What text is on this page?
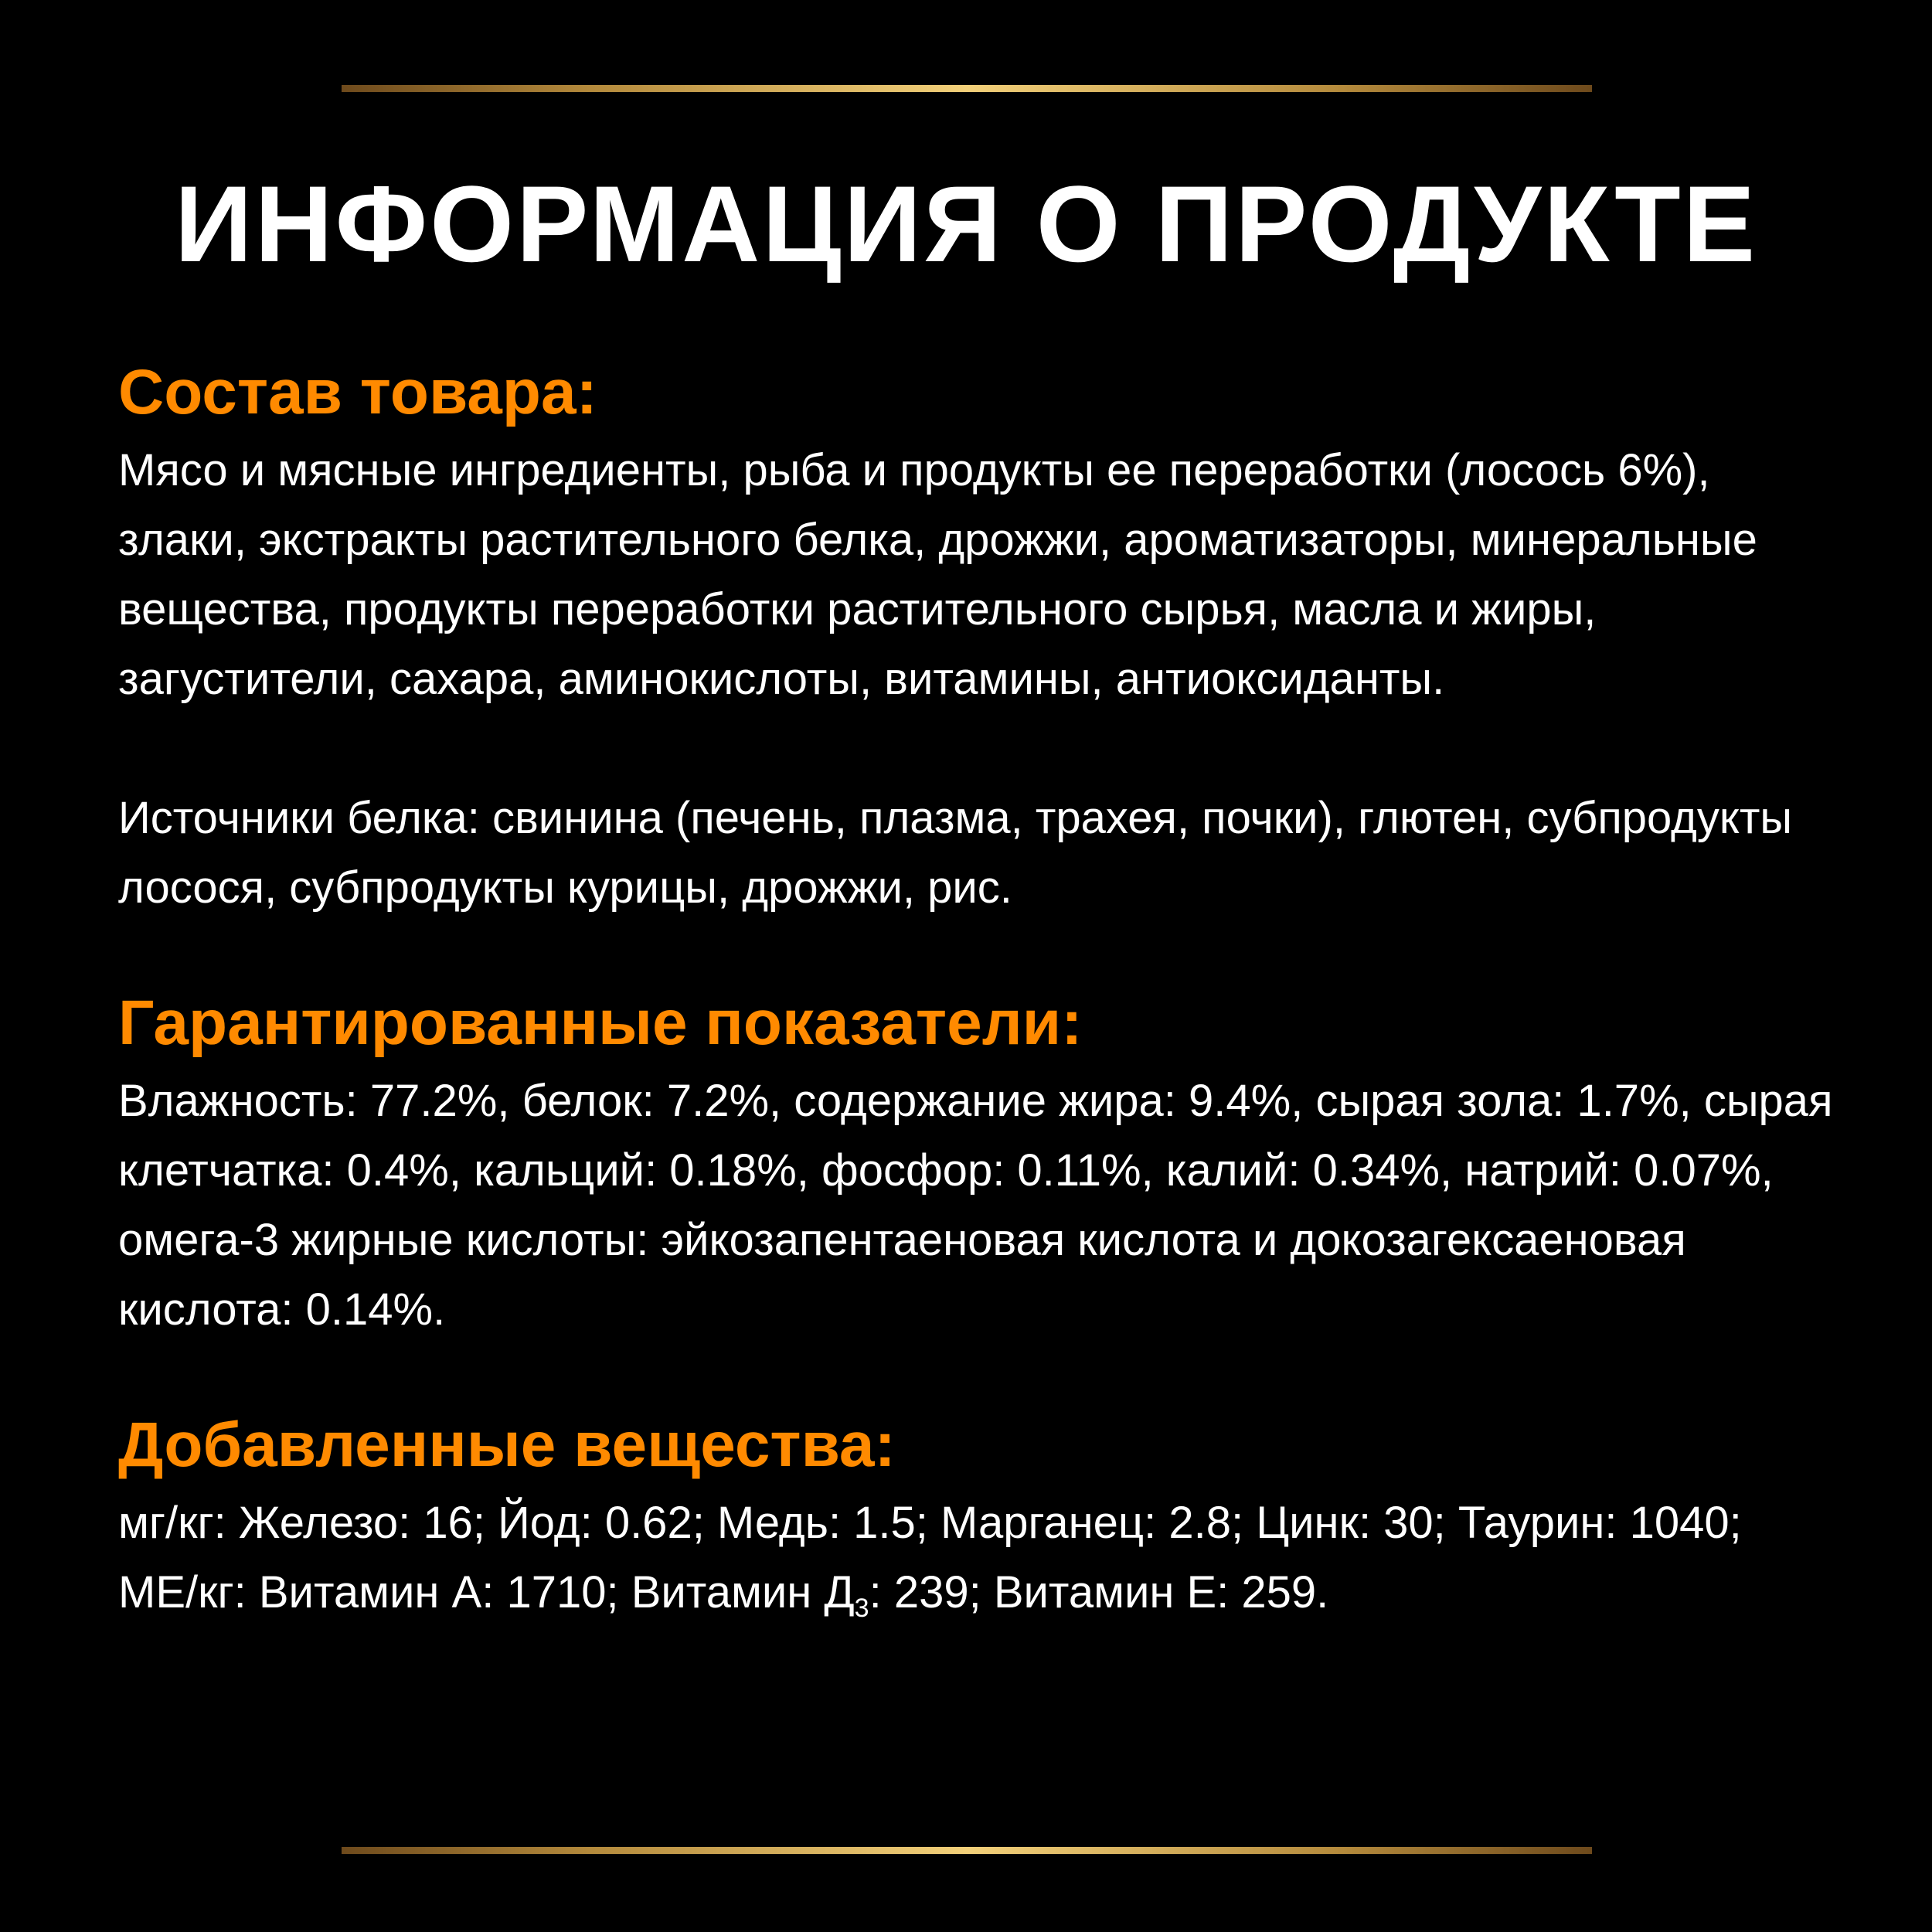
ИНФОРМАЦИЯ О ПРОДУКТЕ
Состав товара:

Мясо и мясные ингредиенты, рыба и продукты ее переработки (лосось 6%), злаки, экстракты растительного белка, дрожжи, ароматизаторы, минеральные вещества, продукты переработки растительного сырья, масла и жиры, загустители, сахара, аминокислоты, витамины, антиоксиданты.

Источники белка: свинина (печень, плазма, трахея, почки), глютен, субпродукты лосося, субпродукты курицы, дрожжи, рис.

Гарантированные показатели:

Влажность: 77.2%, белок: 7.2%, содержание жира: 9.4%, сырая зола: 1.7%, сырая клетчатка: 0.4%, кальций: 0.18%, фосфор: 0.11%, калий: 0.34%, натрий: 0.07%, омега-3 жирные кислоты: эйкозапентаеновая кислота и докозагексаеновая кислота: 0.14%.

Добавленные вещества:

мг/кг: Железо: 16; Йод: 0.62; Медь: 1.5; Марганец: 2.8; Цинк: 30; Таурин: 1040;

МЕ/кг: Витамин А: 1710; Витамин $Д_3$: 239; Витамин Е: 259.
